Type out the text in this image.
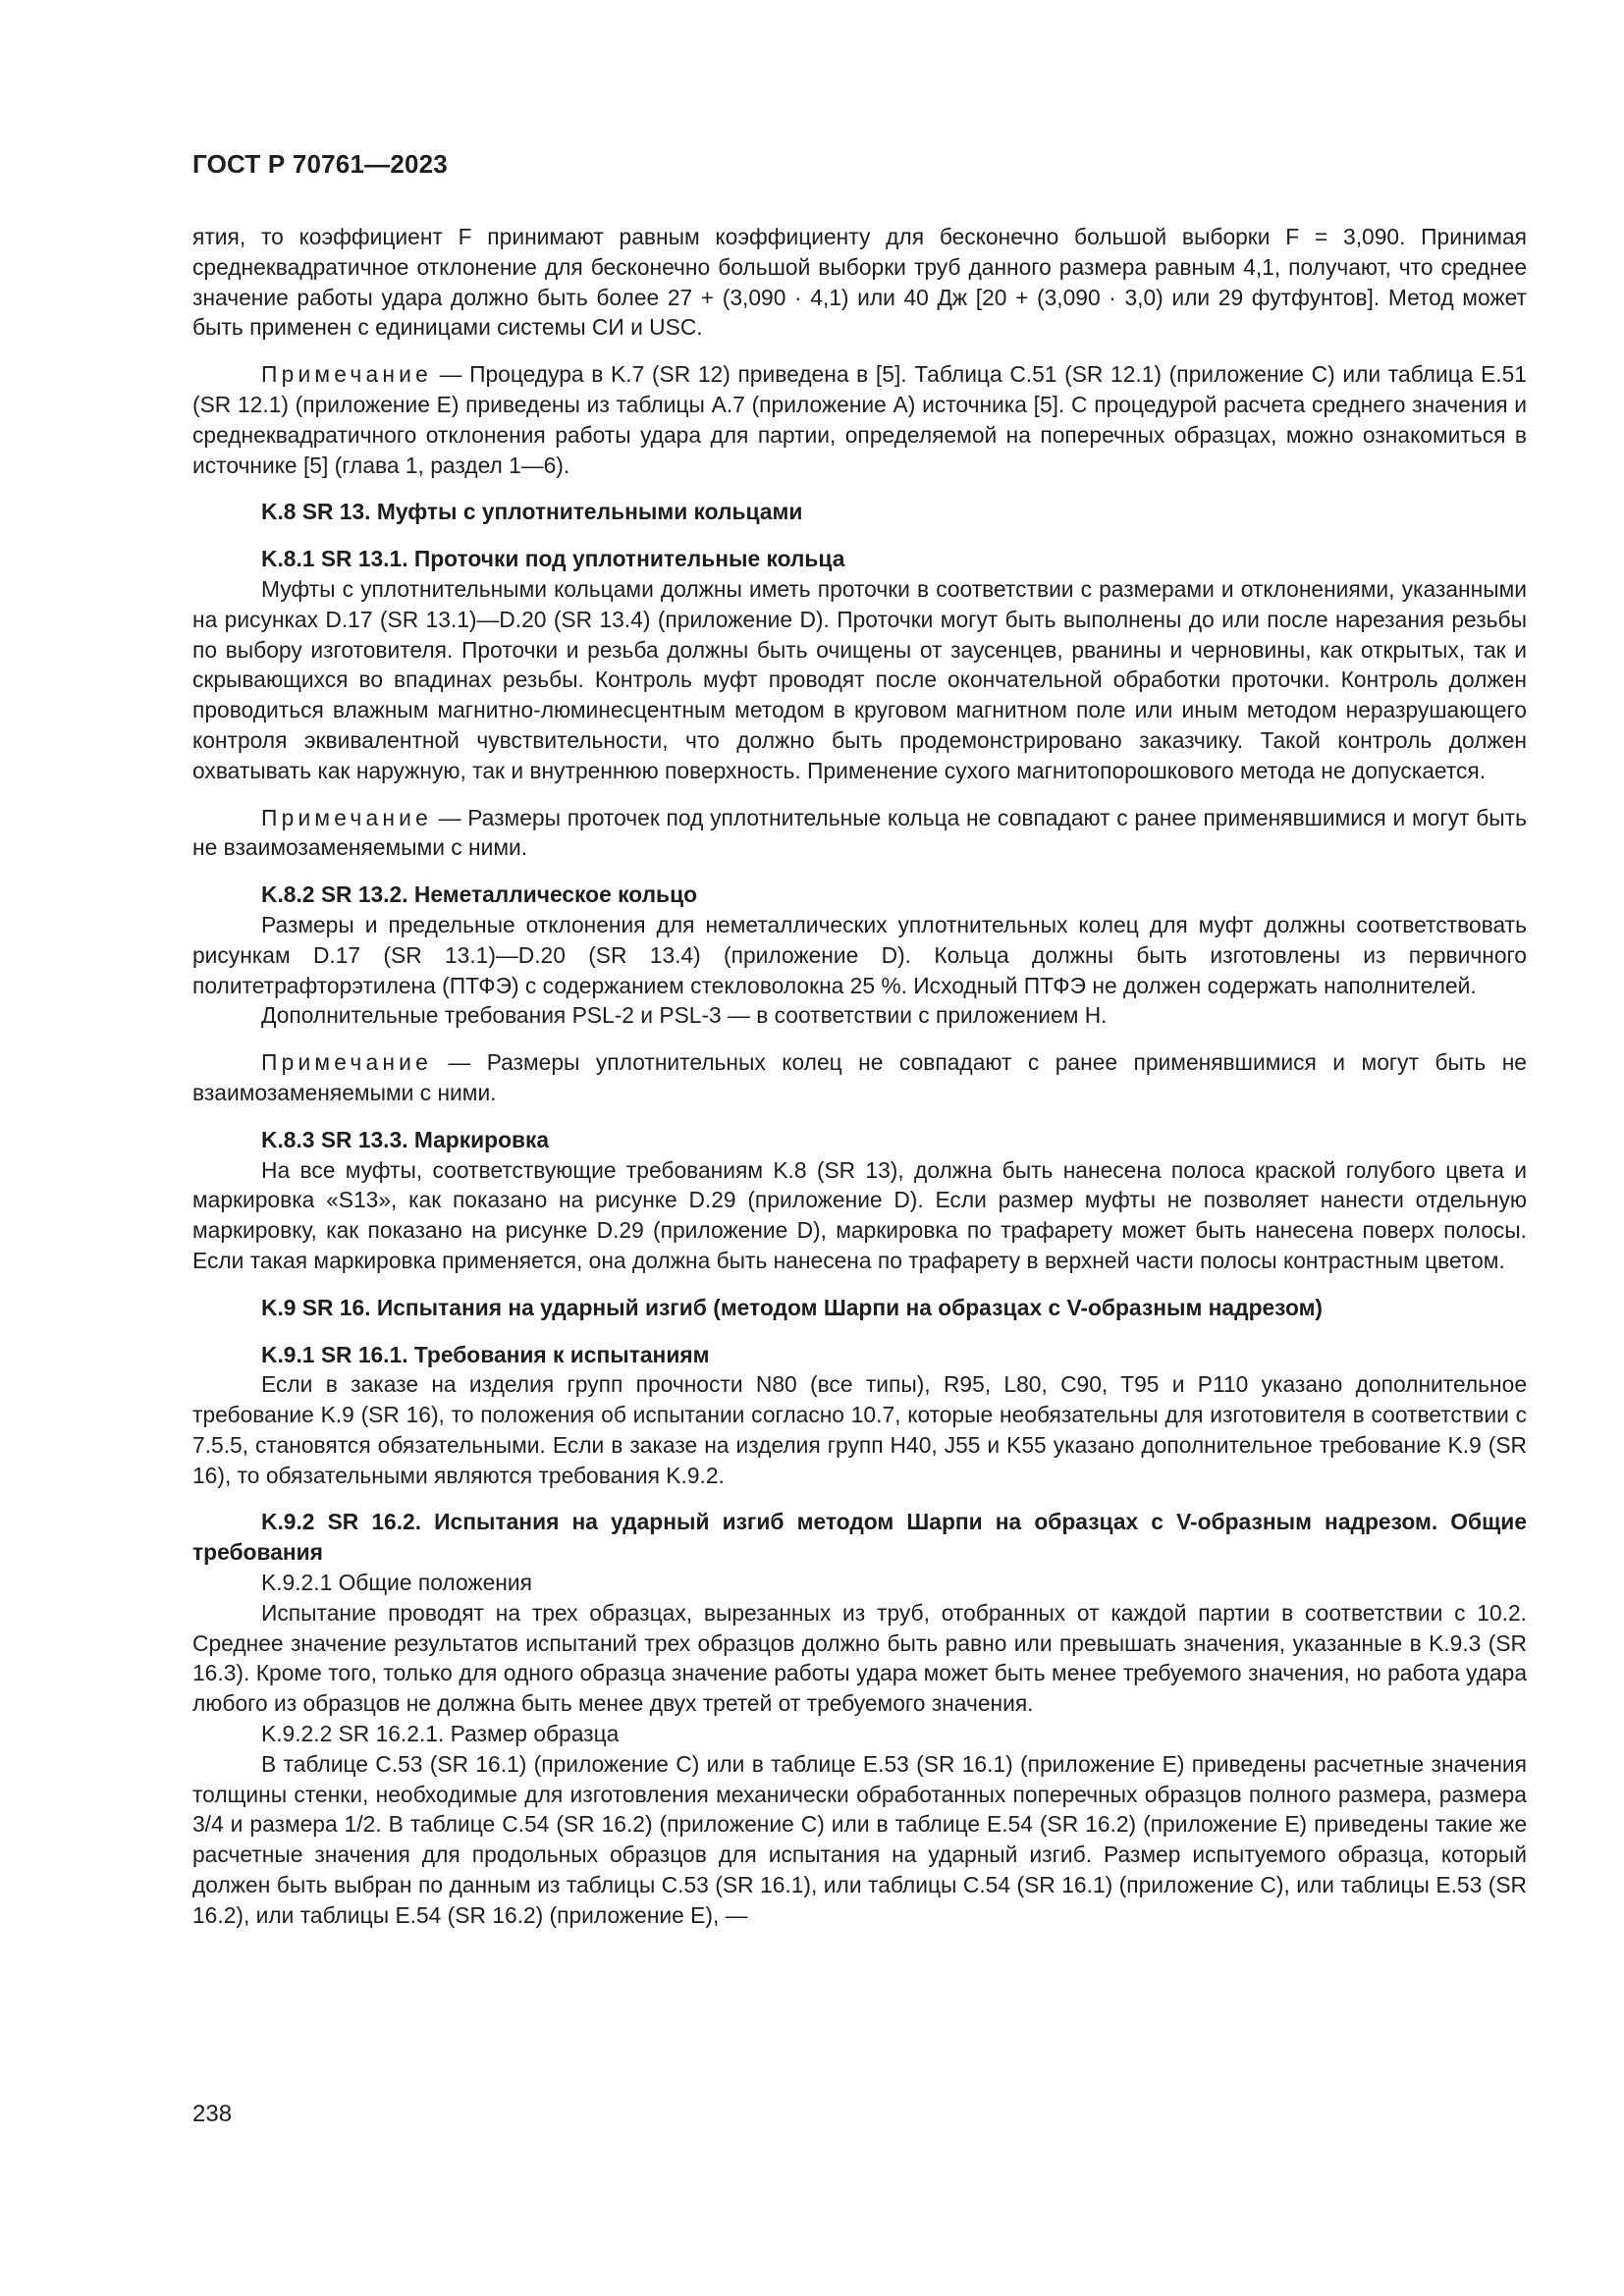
ГОСТ Р 70761—2023

ятия, то коэффициент F принимают равным коэффициенту для бесконечно большой выборки F = 3,090. Принимая среднеквадратичное отклонение для бесконечно большой выборки труб данного размера равным 4,1, получают, что среднее значение работы удара должно быть более 27 + (3,090 · 4,1) или 40 Дж [20 + (3,090 · 3,0) или 29 футфунтов]. Метод может быть применен с единицами системы СИ и USC.

Примечание — Процедура в K.7 (SR 12) приведена в [5]. Таблица C.51 (SR 12.1) (приложение С) или таблица Е.51 (SR 12.1) (приложение Е) приведены из таблицы А.7 (приложение А) источника [5]. С процедурой расчета среднего значения и среднеквадратичного отклонения работы удара для партии, определяемой на поперечных образцах, можно ознакомиться в источнике [5] (глава 1, раздел 1—6).

K.8 SR 13. Муфты с уплотнительными кольцами

K.8.1 SR 13.1. Проточки под уплотнительные кольца

Муфты с уплотнительными кольцами должны иметь проточки в соответствии с размерами и отклонениями, указанными на рисунках D.17 (SR 13.1)—D.20 (SR 13.4) (приложение D). Проточки могут быть выполнены до или после нарезания резьбы по выбору изготовителя. Проточки и резьба должны быть очищены от заусенцев, рванины и черновины, как открытых, так и скрывающихся во впадинах резьбы. Контроль муфт проводят после окончательной обработки проточки. Контроль должен проводиться влажным магнитно-люминесцентным методом в круговом магнитном поле или иным методом неразрушающего контроля эквивалентной чувствительности, что должно быть продемонстрировано заказчику. Такой контроль должен охватывать как наружную, так и внутреннюю поверхность. Применение сухого магнитопорошкового метода не допускается.

Примечание — Размеры проточек под уплотнительные кольца не совпадают с ранее применявшимися и могут быть не взаимозаменяемыми с ними.

K.8.2 SR 13.2. Неметаллическое кольцо

Размеры и предельные отклонения для неметаллических уплотнительных колец для муфт должны соответствовать рисункам D.17 (SR 13.1)—D.20 (SR 13.4) (приложение D). Кольца должны быть изготовлены из первичного политетрафторэтилена (ПТФЭ) с содержанием стекловолокна 25 %. Исходный ПТФЭ не должен содержать наполнителей.

Дополнительные требования PSL-2 и PSL-3 — в соответствии с приложением Н.

Примечание — Размеры уплотнительных колец не совпадают с ранее применявшимися и могут быть не взаимозаменяемыми с ними.

K.8.3 SR 13.3. Маркировка

На все муфты, соответствующие требованиям K.8 (SR 13), должна быть нанесена полоса краской голубого цвета и маркировка «S13», как показано на рисунке D.29 (приложение D). Если размер муфты не позволяет нанести отдельную маркировку, как показано на рисунке D.29 (приложение D), маркировка по трафарету может быть нанесена поверх полосы. Если такая маркировка применяется, она должна быть нанесена по трафарету в верхней части полосы контрастным цветом.

K.9 SR 16. Испытания на ударный изгиб (методом Шарпи на образцах с V-образным надрезом)

K.9.1 SR 16.1. Требования к испытаниям

Если в заказе на изделия групп прочности N80 (все типы), R95, L80, C90, T95 и P110 указано дополнительное требование K.9 (SR 16), то положения об испытании согласно 10.7, которые необязательны для изготовителя в соответствии с 7.5.5, становятся обязательными. Если в заказе на изделия групп H40, J55 и K55 указано дополнительное требование K.9 (SR 16), то обязательными являются требования K.9.2.

K.9.2 SR 16.2. Испытания на ударный изгиб методом Шарпи на образцах с V-образным надрезом. Общие требования

K.9.2.1 Общие положения

Испытание проводят на трех образцах, вырезанных из труб, отобранных от каждой партии в соответствии с 10.2. Среднее значение результатов испытаний трех образцов должно быть равно или превышать значения, указанные в K.9.3 (SR 16.3). Кроме того, только для одного образца значение работы удара может быть менее требуемого значения, но работа удара любого из образцов не должна быть менее двух третей от требуемого значения.

K.9.2.2 SR 16.2.1. Размер образца

В таблице C.53 (SR 16.1) (приложение С) или в таблице Е.53 (SR 16.1) (приложение Е) приведены расчетные значения толщины стенки, необходимые для изготовления механически обработанных поперечных образцов полного размера, размера 3/4 и размера 1/2. В таблице C.54 (SR 16.2) (приложение С) или в таблице Е.54 (SR 16.2) (приложение Е) приведены такие же расчетные значения для продольных образцов для испытания на ударный изгиб. Размер испытуемого образца, который должен быть выбран по данным из таблицы C.53 (SR 16.1), или таблицы C.54 (SR 16.1) (приложение С), или таблицы Е.53 (SR 16.2), или таблицы Е.54 (SR 16.2) (приложение Е), —

238
